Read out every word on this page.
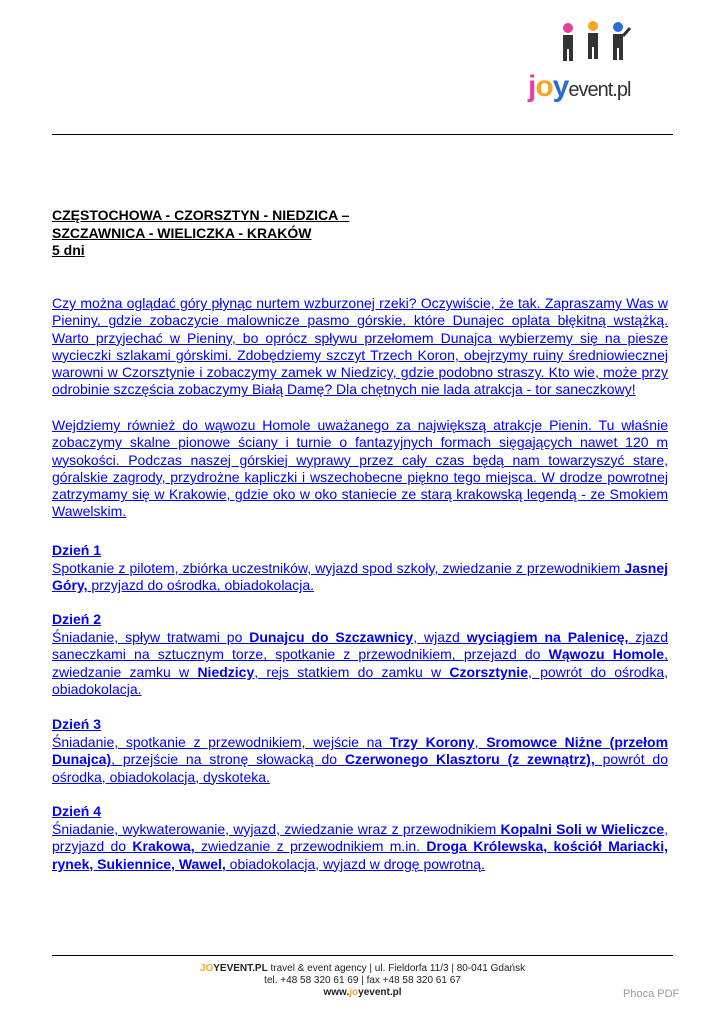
joyevent.pl
CZĘSTOCHOWA - CZORSZTYN - NIEDZICA –
SZCZAWNICA - WIELICZKA - KRAKÓW
5 dni
Czy można oglądać góry płynąc nurtem wzburzonej rzeki? Oczywiście, że tak. Zapraszamy Was w Pieniny, gdzie zobaczycie malownicze pasmo górskie, które Dunajec oplata błękitną wstążką. Warto przyjechać w Pieniny, bo oprócz spływu przełomem Dunajca wybierzemy się na piesze wycieczki szlakami górskimi. Zdobędziemy szczyt Trzech Koron, obejrzymy ruiny średniowiecznej warowni w Czorsztynie i zobaczymy zamek w Niedzicy, gdzie podobno straszy. Kto wie, może przy odrobinie szczęścia zobaczymy Białą Damę? Dla chętnych nie lada atrakcja - tor saneczkowy!
Wejdziemy również do wąwozu Homole uważanego za największą atrakcje Pienin. Tu właśnie zobaczymy skalne pionowe ściany i turnie o fantazyjnych formach sięgających nawet 120 m wysokości. Podczas naszej górskiej wyprawy przez cały czas będą nam towarzyszyć stare, góralskie zagrody, przydrożne kapliczki i wszechobecne piękno tego miejsca. W drodze powrotnej zatrzymamy się w Krakowie, gdzie oko w oko staniecie ze starą krakowską legendą - ze Smokiem Wawelskim.
Dzień 1
Spotkanie z pilotem, zbiórka uczestników, wyjazd spod szkoły, zwiedzanie z przewodnikiem Jasnej Góry, przyjazd do ośrodka, obiadokolacja.
Dzień 2
Śniadanie, spływ tratwami po Dunajcu do Szczawnicy, wjazd wyciągiem na Palenicę, zjazd saneczkami na sztucznym torze, spotkanie z przewodnikiem, przejazd do Wąwozu Homole, zwiedzanie zamku w Niedzicy, rejs statkiem do zamku w Czorsztynie, powrót do ośrodka, obiadokolacja.
Dzień 3
Śniadanie, spotkanie z przewodnikiem, wejście na Trzy Korony, Sromowce Niżne (przełom Dunajca), przejście na stronę słowacką do Czerwonego Klasztoru (z zewnątrz), powrót do ośrodka, obiadokolacja, dyskoteka.
Dzień 4
Śniadanie, wykwaterowanie, wyjazd, zwiedzanie wraz z przewodnikiem Kopalni Soli w Wieliczce, przyjazd do Krakowa, zwiedzanie z przewodnikiem m.in. Droga Królewska, kościół Mariacki, rynek, Sukiennice, Wawel, obiadokolacja, wyjazd w drogę powrotną.
JOYEVENT.PL travel & event agency | ul. Fieldorfa 11/3 | 80-041 Gdańsk
tel. +48 58 320 61 69 | fax +48 58 320 61 67
www.joyevent.pl	Phoca PDF
